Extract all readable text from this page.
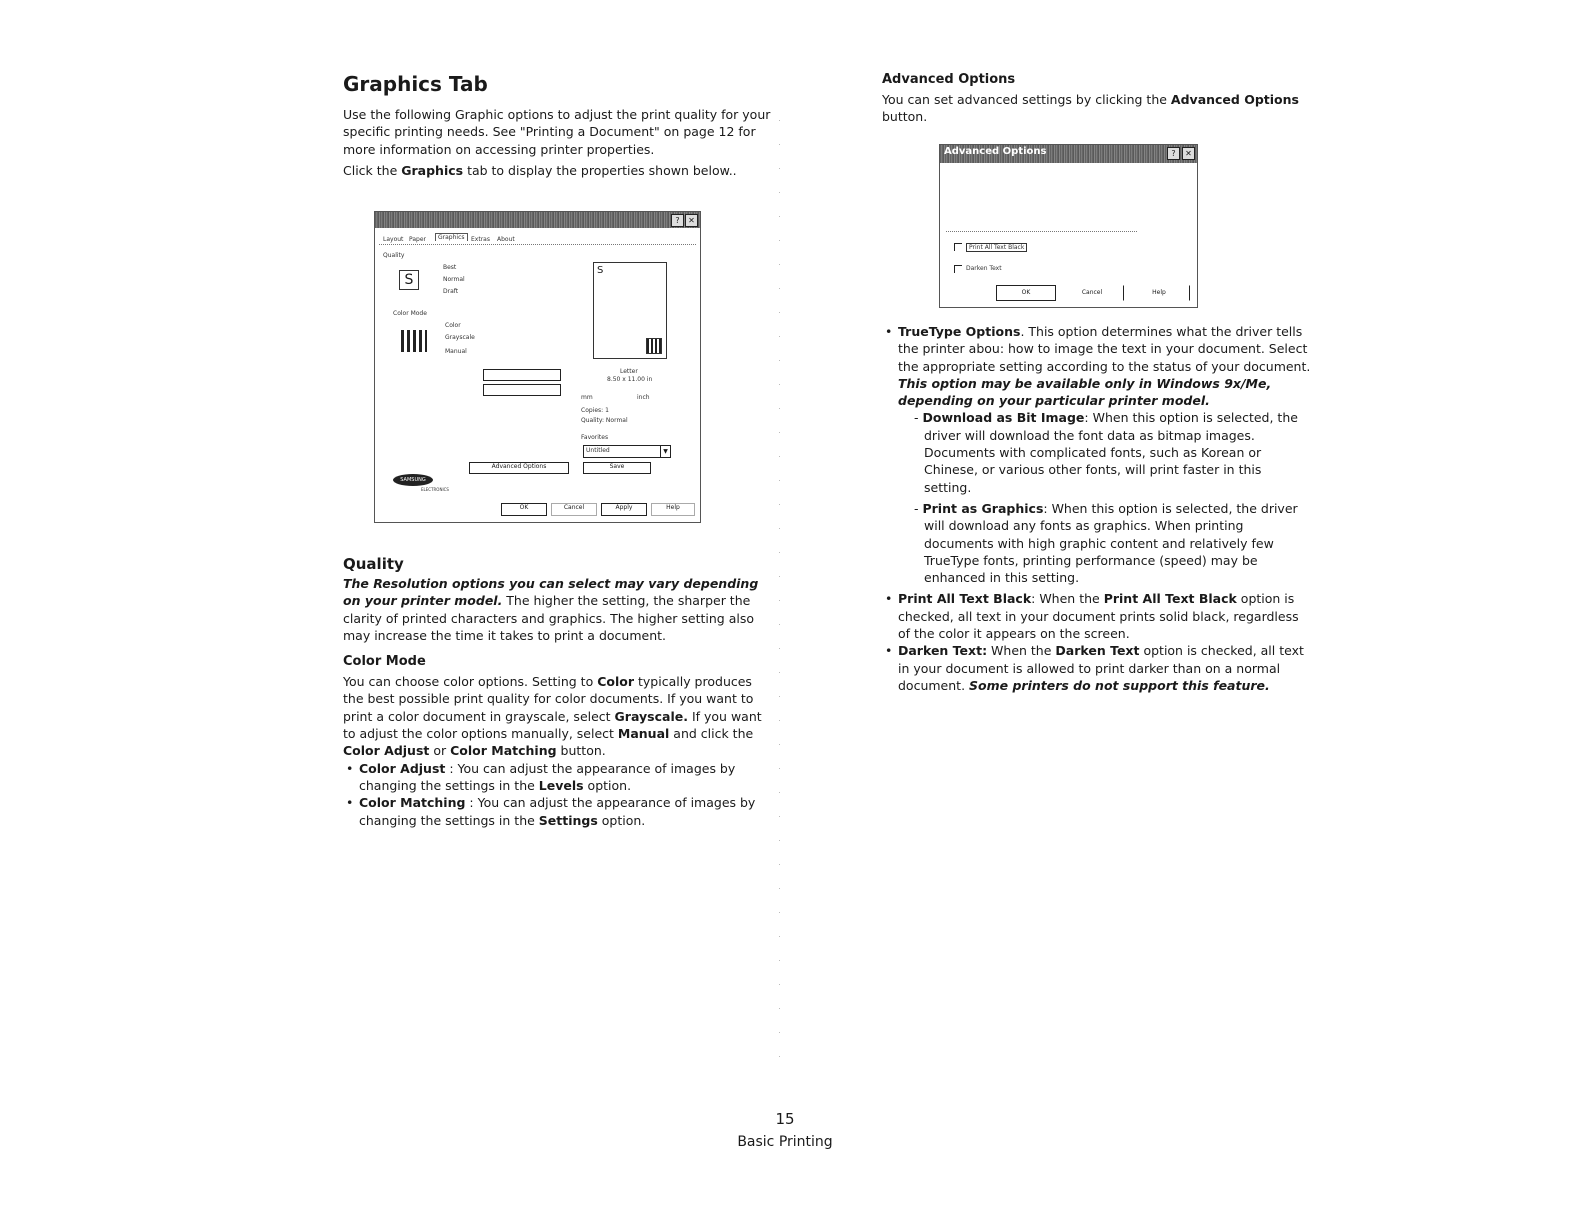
Graphics Tab

Use the following Graphic options to adjust the print quality for your specific printing needs. See "Printing a Document" on page 12 for more information on accessing printer properties.

Click the Graphics tab to display the properties shown below..

?	✕
Layout Paper	Graphics	Extras About
Quality
S
Best
Normal
Draft
Color Mode
Color
Grayscale
Manual
S
Letter
8.50 x 11.00 in
mm	inch
Copies: 1
Quality: Normal
Favorites
Untitled	▼
Advanced Options	Save
SAMSUNG
ELECTRONICS
OK	Cancel	Apply	Help
Quality

The Resolution options you can select may vary depending on your printer model. The higher the setting, the sharper the clarity of printed characters and graphics. The higher setting also may increase the time it takes to print a document.

Color Mode

You can choose color options. Setting to Color typically produces the best possible print quality for color documents. If you want to print a color document in grayscale, select Grayscale. If you want to adjust the color options manually, select Manual and click the Color Adjust or Color Matching button.

• Color Adjust : You can adjust the appearance of images by changing the settings in the Levels option.
• Color Matching : You can adjust the appearance of images by changing the settings in the Settings option.
Advanced Options

You can set advanced settings by clicking the Advanced Options button.

Advanced Options	?	✕
Print All Text Black
Darken Text
OK	Cancel	Help
• TrueType Options. This option determines what the driver tells the printer abou: how to image the text in your document. Select the appropriate setting according to the status of your document. This option may be available only in Windows 9x/Me, depending on your particular printer model.

- Download as Bit Image: When this option is selected, the driver will download the font data as bitmap images. Documents with complicated fonts, such as Korean or Chinese, or various other fonts, will print faster in this setting.

- Print as Graphics: When this option is selected, the driver will download any fonts as graphics. When printing documents with high graphic content and relatively few TrueType fonts, printing performance (speed) may be enhanced in this setting.

• Print All Text Black: When the Print All Text Black option is checked, all text in your document prints solid black, regardless of the color it appears on the screen.
• Darken Text: When the Darken Text option is checked, all text in your document is allowed to print darker than on a normal document. Some printers do not support this feature.
15
Basic Printing
